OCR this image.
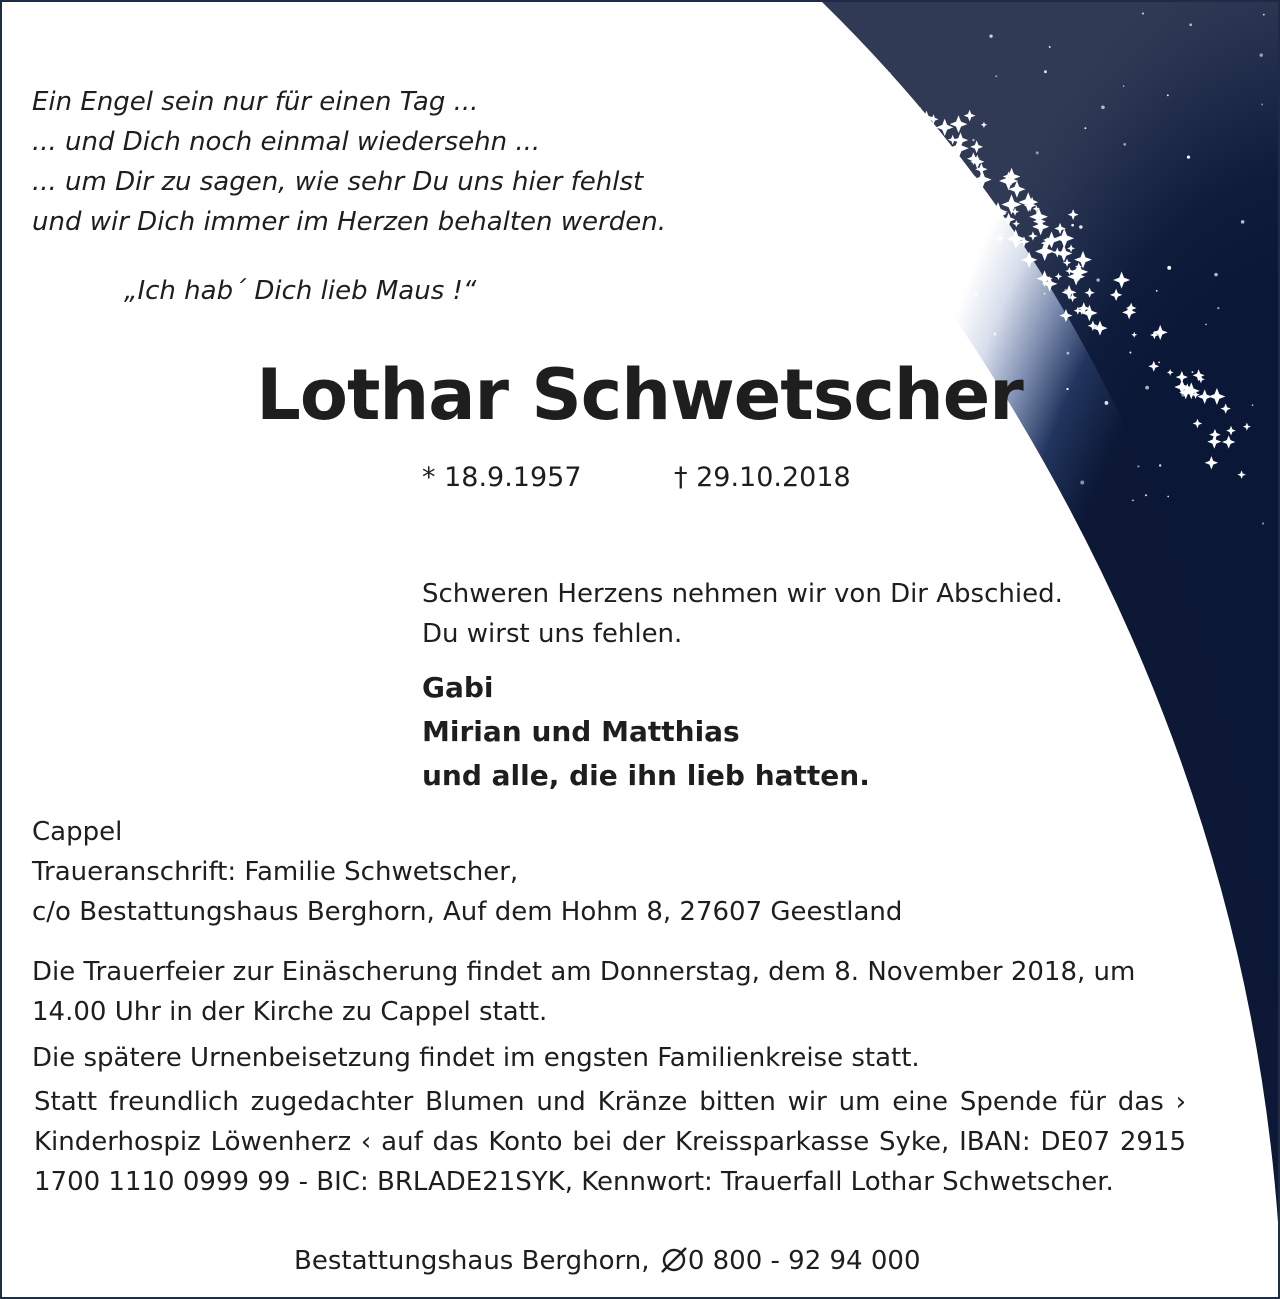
Ein Engel sein nur für einen Tag ...
... und Dich noch einmal wiedersehn ...
... um Dir zu sagen, wie sehr Du uns hier fehlst
und wir Dich immer im Herzen behalten werden.
„Ich hab´ Dich lieb Maus !“
Lothar Schwetscher
* 18.9.1957	† 29.10.2018
Schweren Herzens nehmen wir von Dir Abschied.
Du wirst uns fehlen.
Gabi
Mirian und Matthias
und alle, die ihn lieb hatten.
Cappel
Traueranschrift: Familie Schwetscher,
c/o Bestattungshaus Berghorn, Auf dem Hohm 8, 27607 Geestland
Die Trauerfeier zur Einäscherung findet am Donnerstag, dem 8. November 2018, um 14.00 Uhr in der Kirche zu Cappel statt.
Die spätere Urnenbeisetzung findet im engsten Familienkreise statt.
Statt freundlich zugedachter Blumen und Kränze bitten wir um eine Spende für das › Kinderhospiz Löwenherz ‹ auf das Konto bei der Kreissparkasse Syke, IBAN: DE07 2915 1700 1110 0999 99 - BIC: BRLADE21SYK, Kennwort: Trauerfall Lothar Schwetscher.
Bestattungshaus Berghorn, 0 800 - 92 94 000
